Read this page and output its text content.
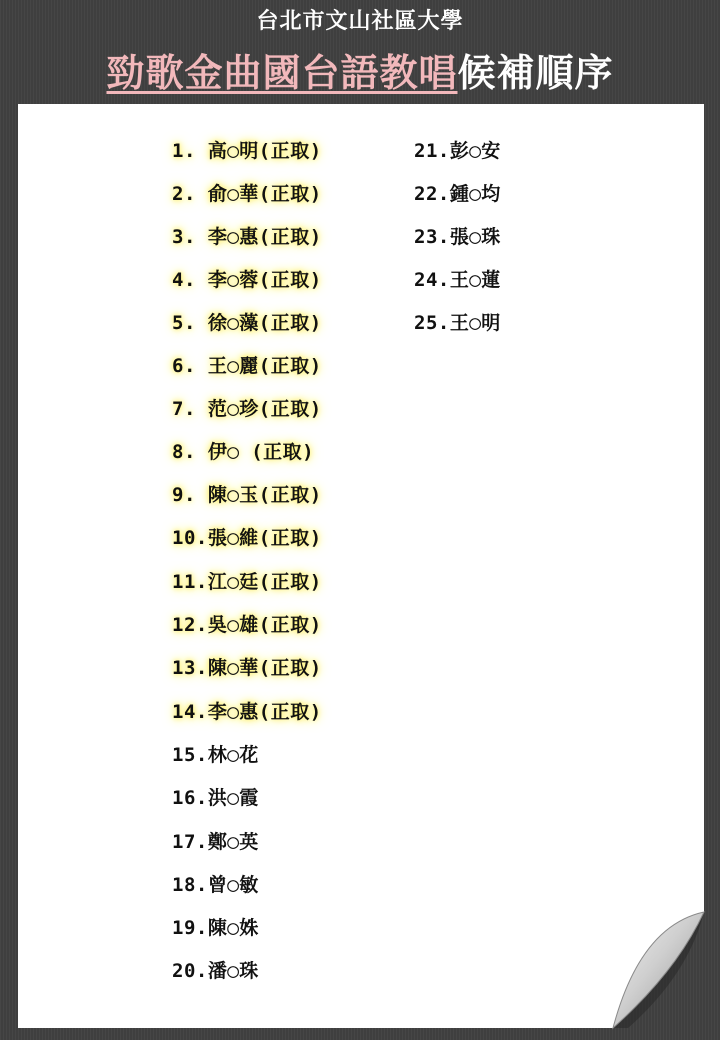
台北市文山社區大學
勁歌金曲國台語教唱候補順序
1. 高◯明(正取)
2. 俞◯華(正取)
3. 李◯惠(正取)
4. 李◯蓉(正取)
5. 徐◯藻(正取)
6. 王◯麗(正取)
7. 范◯珍(正取)
8. 伊◯ (正取)
9. 陳◯玉(正取)
10.張◯維(正取)
11.江◯廷(正取)
12.吳◯雄(正取)
13.陳◯華(正取)
14.李◯惠(正取)
15.林◯花
16.洪◯霞
17.鄭◯英
18.曾◯敏
19.陳◯姝
20.潘◯珠
21.彭◯安
22.鍾◯均
23.張◯珠
24.王◯蓮
25.王◯明
